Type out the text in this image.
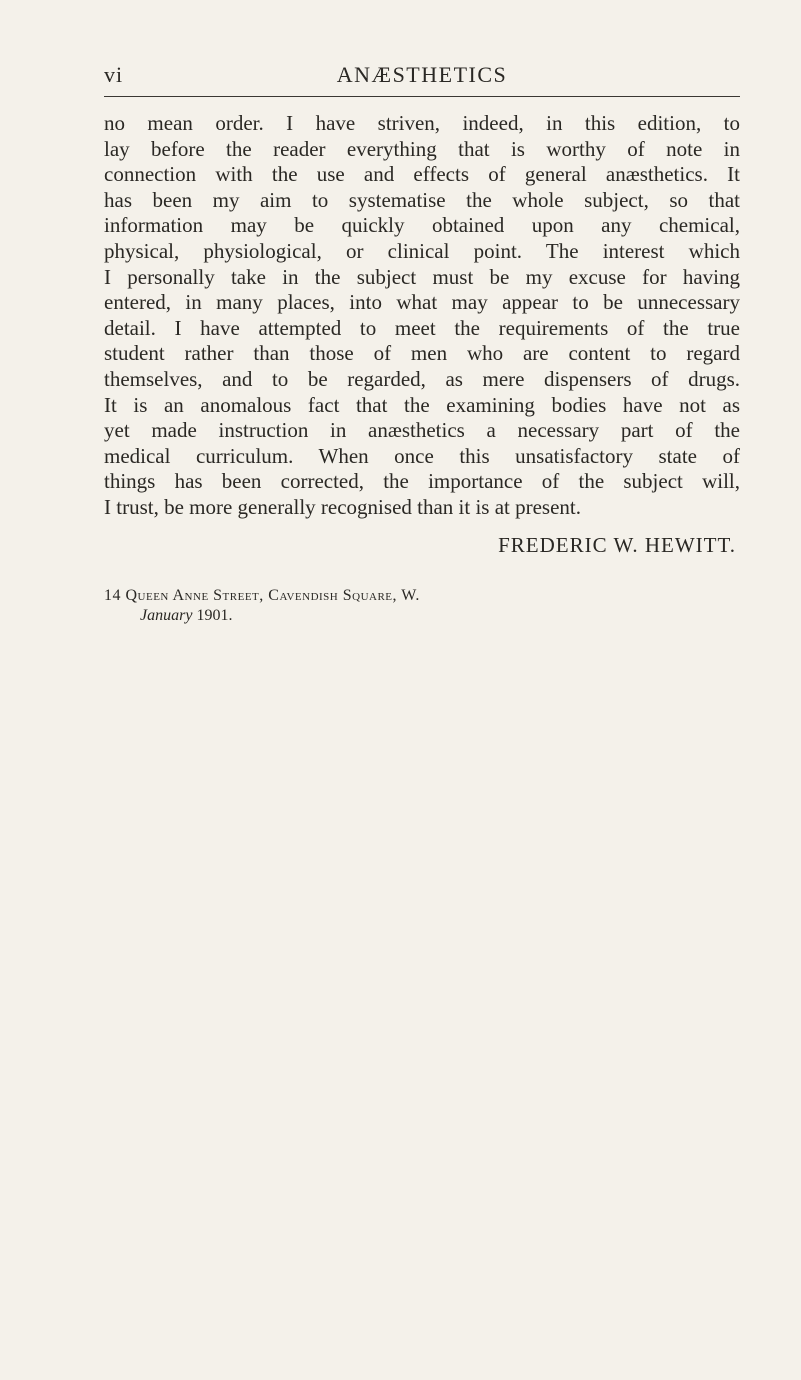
vi	ANÆSTHETICS
no mean order. I have striven, indeed, in this edition, to
lay before the reader everything that is worthy of note in
connection with the use and effects of general anæsthetics. It
has been my aim to systematise the whole subject, so that
information may be quickly obtained upon any chemical,
physical, physiological, or clinical point. The interest which
I personally take in the subject must be my excuse for having
entered, in many places, into what may appear to be unnecessary
detail. I have attempted to meet the requirements of the true
student rather than those of men who are content to regard
themselves, and to be regarded, as mere dispensers of drugs.
It is an anomalous fact that the examining bodies have not as
yet made instruction in anæsthetics a necessary part of the
medical curriculum. When once this unsatisfactory state of
things has been corrected, the importance of the subject will,
I trust, be more generally recognised than it is at present.
FREDERIC W. HEWITT.
14 Queen Anne Street, Cavendish Square, W.
January 1901.
